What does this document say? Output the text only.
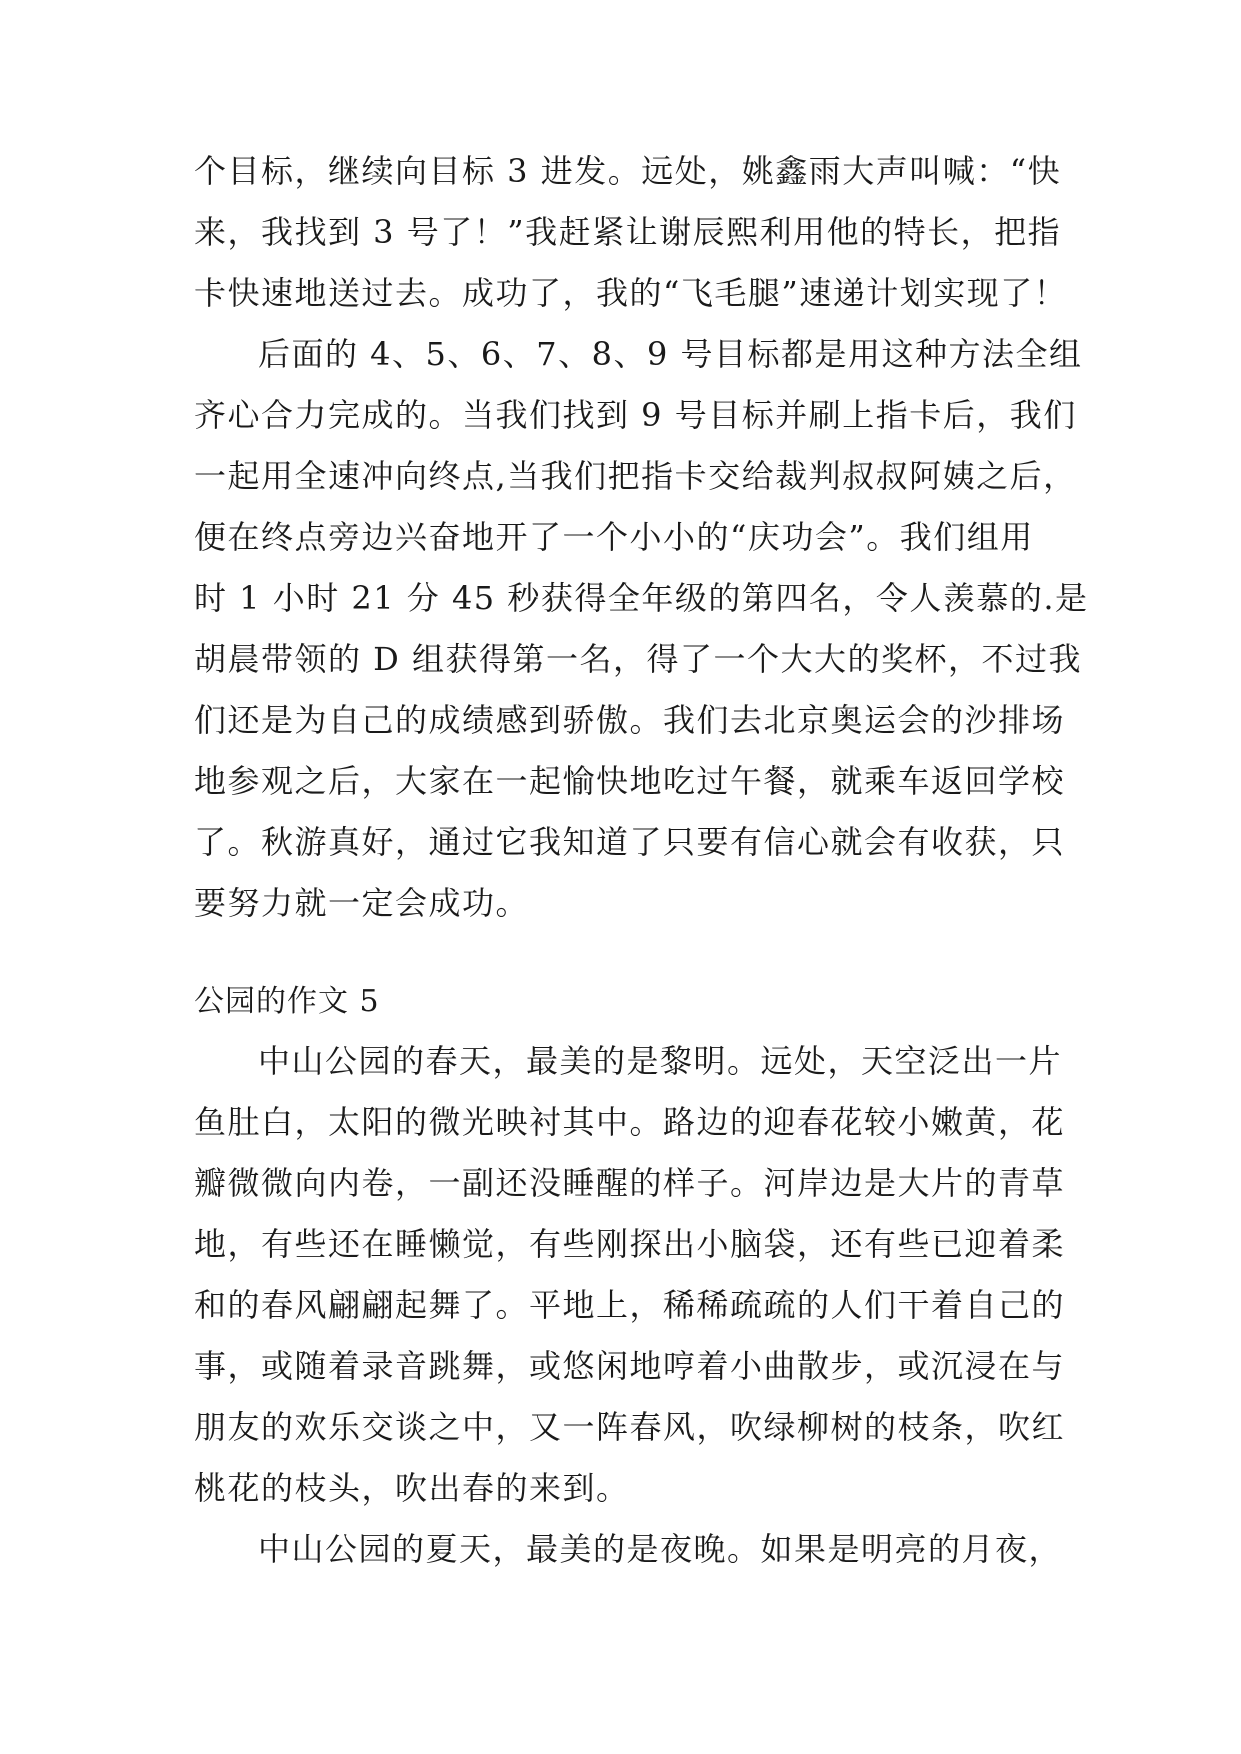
个目标，继续向目标 3 进发。远处，姚鑫雨大声叫喊：“快
来，我找到 3 号了！”我赶紧让谢辰熙利用他的特长，把指
卡快速地送过去。成功了，我的“飞毛腿”速递计划实现了！
后面的 4、5、6、7、8、9 号目标都是用这种方法全组
齐心合力完成的。当我们找到 9 号目标并刷上指卡后，我们
一起用全速冲向终点,当我们把指卡交给裁判叔叔阿姨之后，
便在终点旁边兴奋地开了一个小小的“庆功会”。我们组用
时 1 小时 21 分 45 秒获得全年级的第四名，令人羡慕的.是
胡晨带领的 D 组获得第一名，得了一个大大的奖杯，不过我
们还是为自己的成绩感到骄傲。我们去北京奥运会的沙排场
地参观之后，大家在一起愉快地吃过午餐，就乘车返回学校
了。秋游真好，通过它我知道了只要有信心就会有收获，只
要努力就一定会成功。
公园的作文 5
中山公园的春天，最美的是黎明。远处，天空泛出一片
鱼肚白，太阳的微光映衬其中。路边的迎春花较小嫩黄，花
瓣微微向内卷，一副还没睡醒的样子。河岸边是大片的青草
地，有些还在睡懒觉，有些刚探出小脑袋，还有些已迎着柔
和的春风翩翩起舞了。平地上，稀稀疏疏的人们干着自己的
事，或随着录音跳舞，或悠闲地哼着小曲散步，或沉浸在与
朋友的欢乐交谈之中，又一阵春风，吹绿柳树的枝条，吹红
桃花的枝头，吹出春的来到。
中山公园的夏天，最美的是夜晚。如果是明亮的月夜，
